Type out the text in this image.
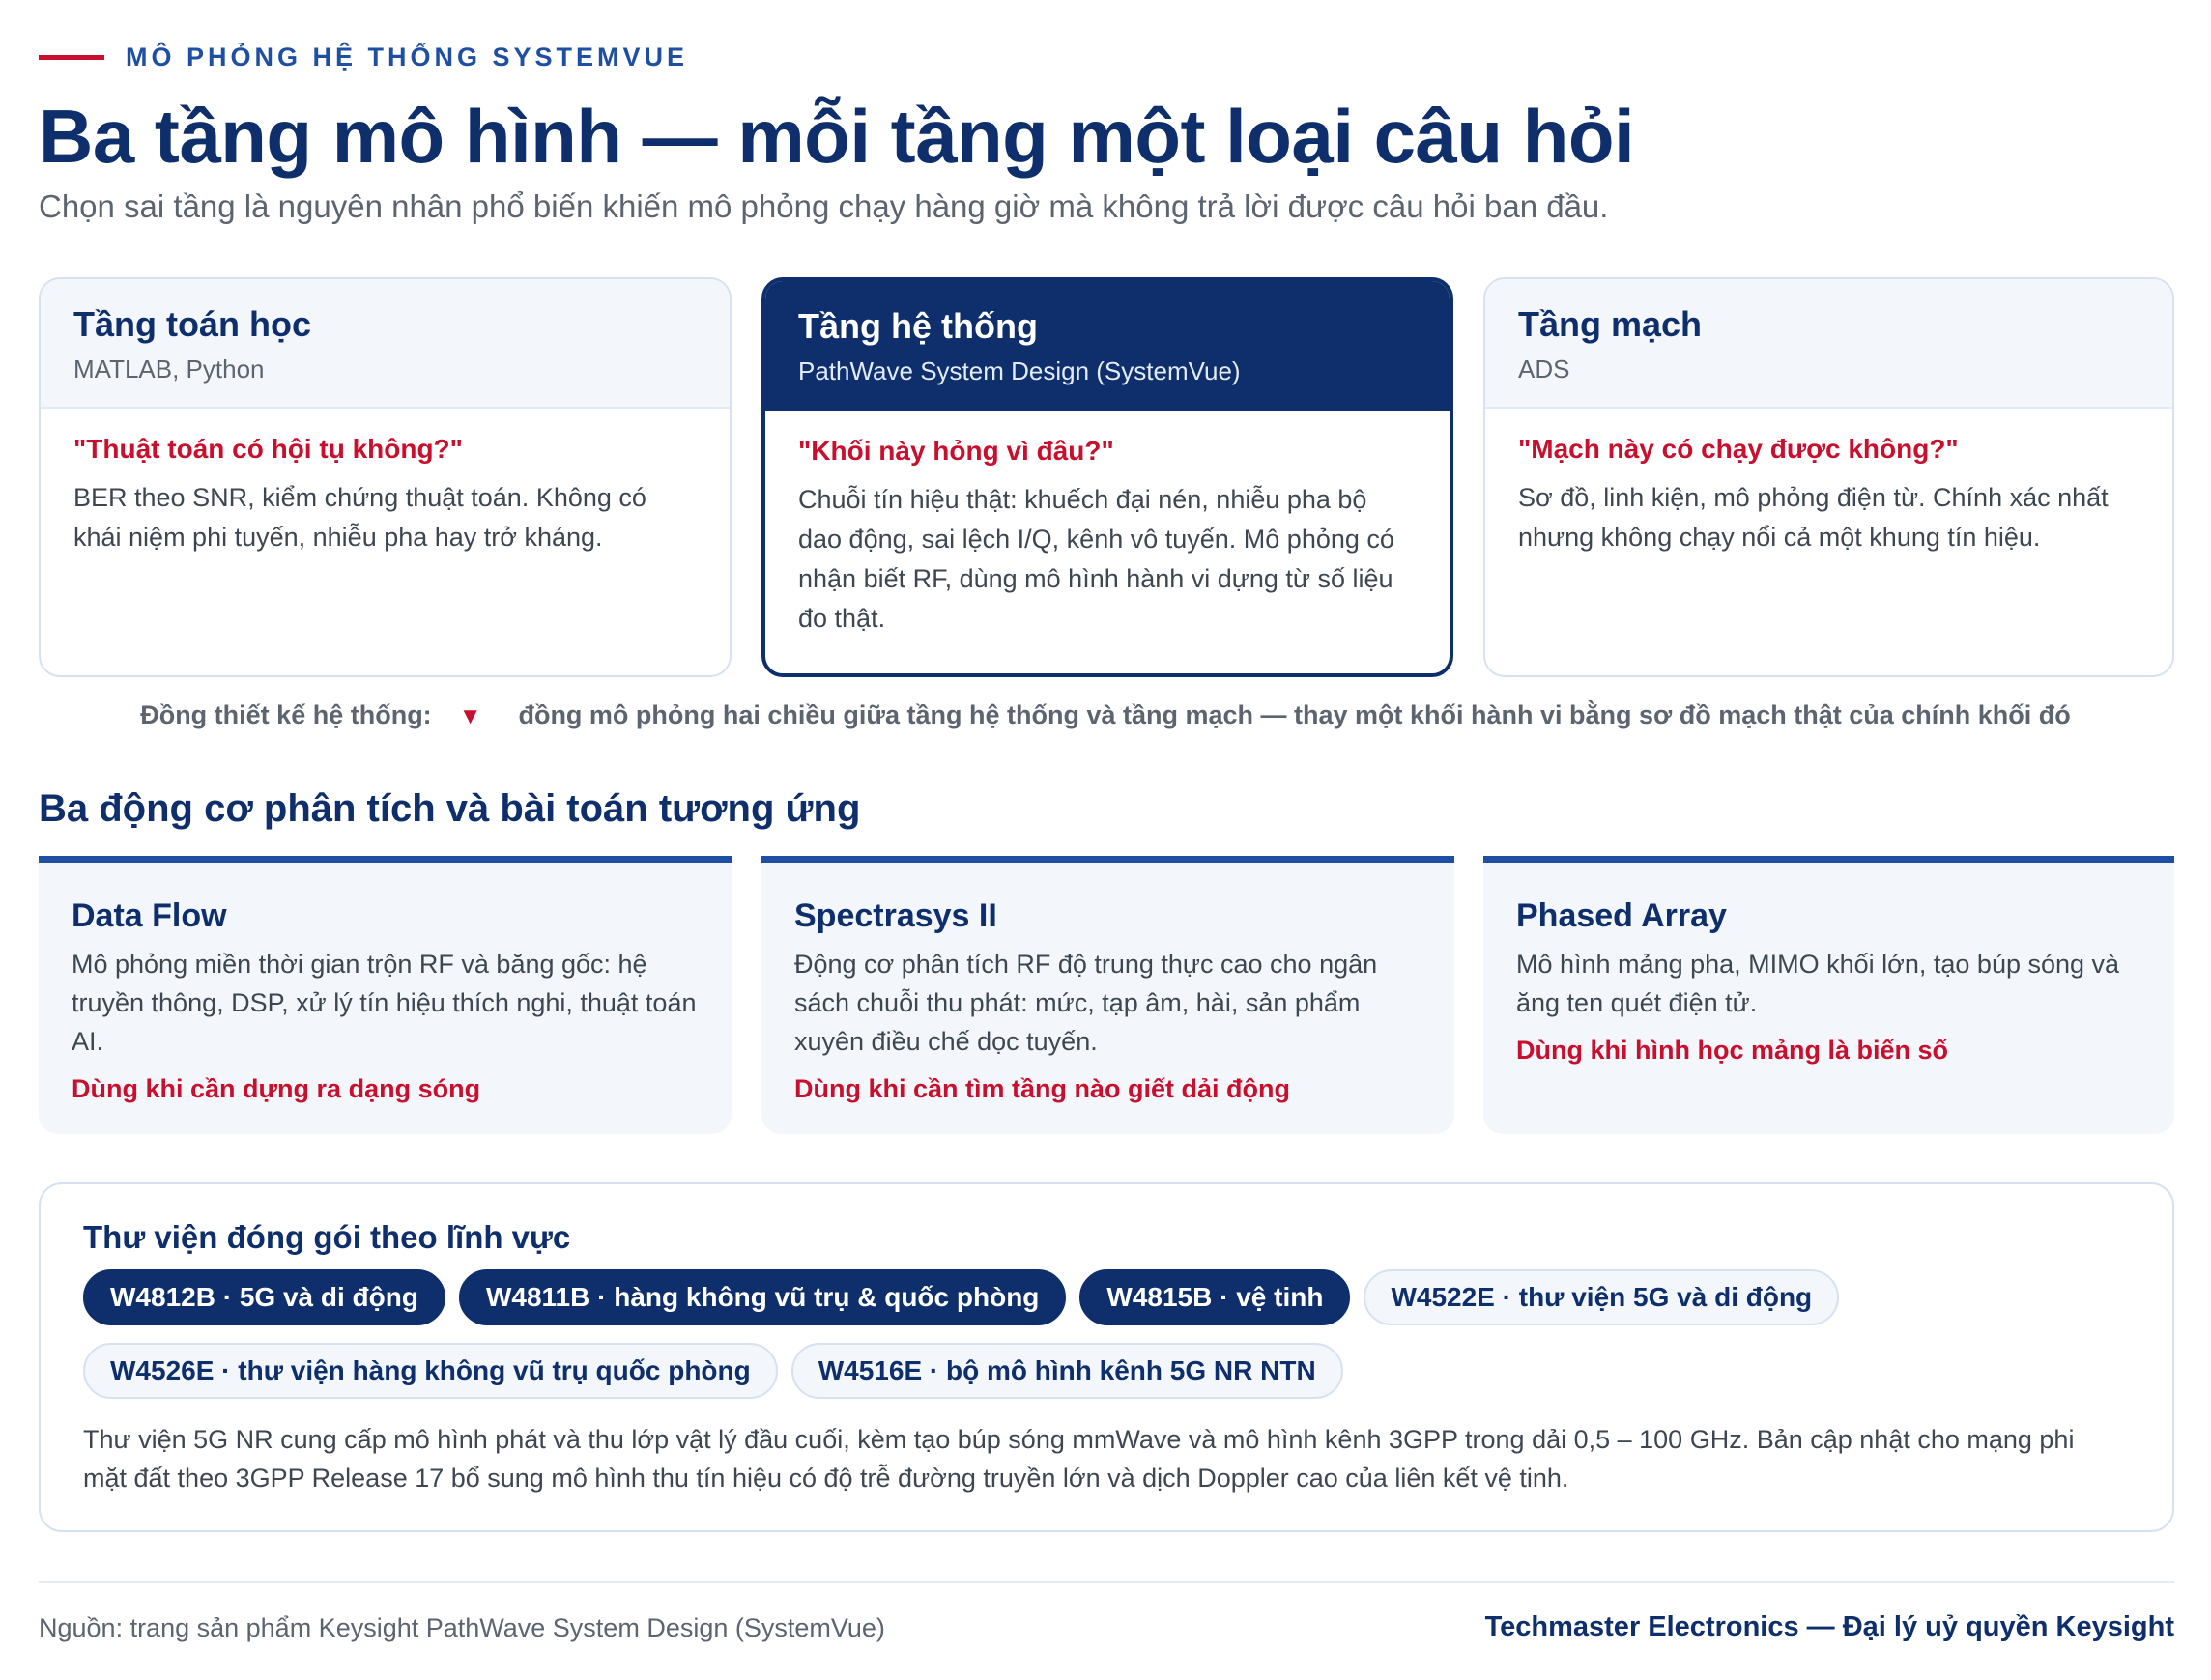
MÔ PHỎNG HỆ THỐNG SYSTEMVUE
Ba tầng mô hình — mỗi tầng một loại câu hỏi

Chọn sai tầng là nguyên nhân phổ biến khiến mô phỏng chạy hàng giờ mà không trả lời được câu hỏi ban đầu.

Tầng toán học
MATLAB, Python
"Thuật toán có hội tụ không?"
BER theo SNR, kiểm chứng thuật toán. Không có khái niệm phi tuyến, nhiễu pha hay trở kháng.
Tầng hệ thống
PathWave System Design (SystemVue)
"Khối này hỏng vì đâu?"
Chuỗi tín hiệu thật: khuếch đại nén, nhiễu pha bộ dao động, sai lệch I/Q, kênh vô tuyến. Mô phỏng có nhận biết RF, dùng mô hình hành vi dựng từ số liệu đo thật.
Tầng mạch
ADS
"Mạch này có chạy được không?"
Sơ đồ, linh kiện, mô phỏng điện từ. Chính xác nhất nhưng không chạy nổi cả một khung tín hiệu.
Đồng thiết kế hệ thống: ▼ đồng mô phỏng hai chiều giữa tầng hệ thống và tầng mạch — thay một khối hành vi bằng sơ đồ mạch thật của chính khối đó
Ba động cơ phân tích và bài toán tương ứng
Data Flow
Mô phỏng miền thời gian trộn RF và băng gốc: hệ truyền thông, DSP, xử lý tín hiệu thích nghi, thuật toán AI.
Dùng khi cần dựng ra dạng sóng
Spectrasys II
Động cơ phân tích RF độ trung thực cao cho ngân sách chuỗi thu phát: mức, tạp âm, hài, sản phẩm xuyên điều chế dọc tuyến.
Dùng khi cần tìm tầng nào giết dải động
Phased Array
Mô hình mảng pha, MIMO khối lớn, tạo búp sóng và ăng ten quét điện tử.
Dùng khi hình học mảng là biến số
Thư viện đóng gói theo lĩnh vực
W4812B · 5G và di động	W4811B · hàng không vũ trụ & quốc phòng	W4815B · vệ tinh	W4522E · thư viện 5G và di động
W4526E · thư viện hàng không vũ trụ quốc phòng	W4516E · bộ mô hình kênh 5G NR NTN

Thư viện 5G NR cung cấp mô hình phát và thu lớp vật lý đầu cuối, kèm tạo búp sóng mmWave và mô hình kênh 3GPP trong dải 0,5 – 100 GHz. Bản cập nhật cho mạng phi mặt đất theo 3GPP Release 17 bổ sung mô hình thu tín hiệu có độ trễ đường truyền lớn và dịch Doppler cao của liên kết vệ tinh.

Nguồn: trang sản phẩm Keysight PathWave System Design (SystemVue)	Techmaster Electronics — Đại lý uỷ quyền Keysight
